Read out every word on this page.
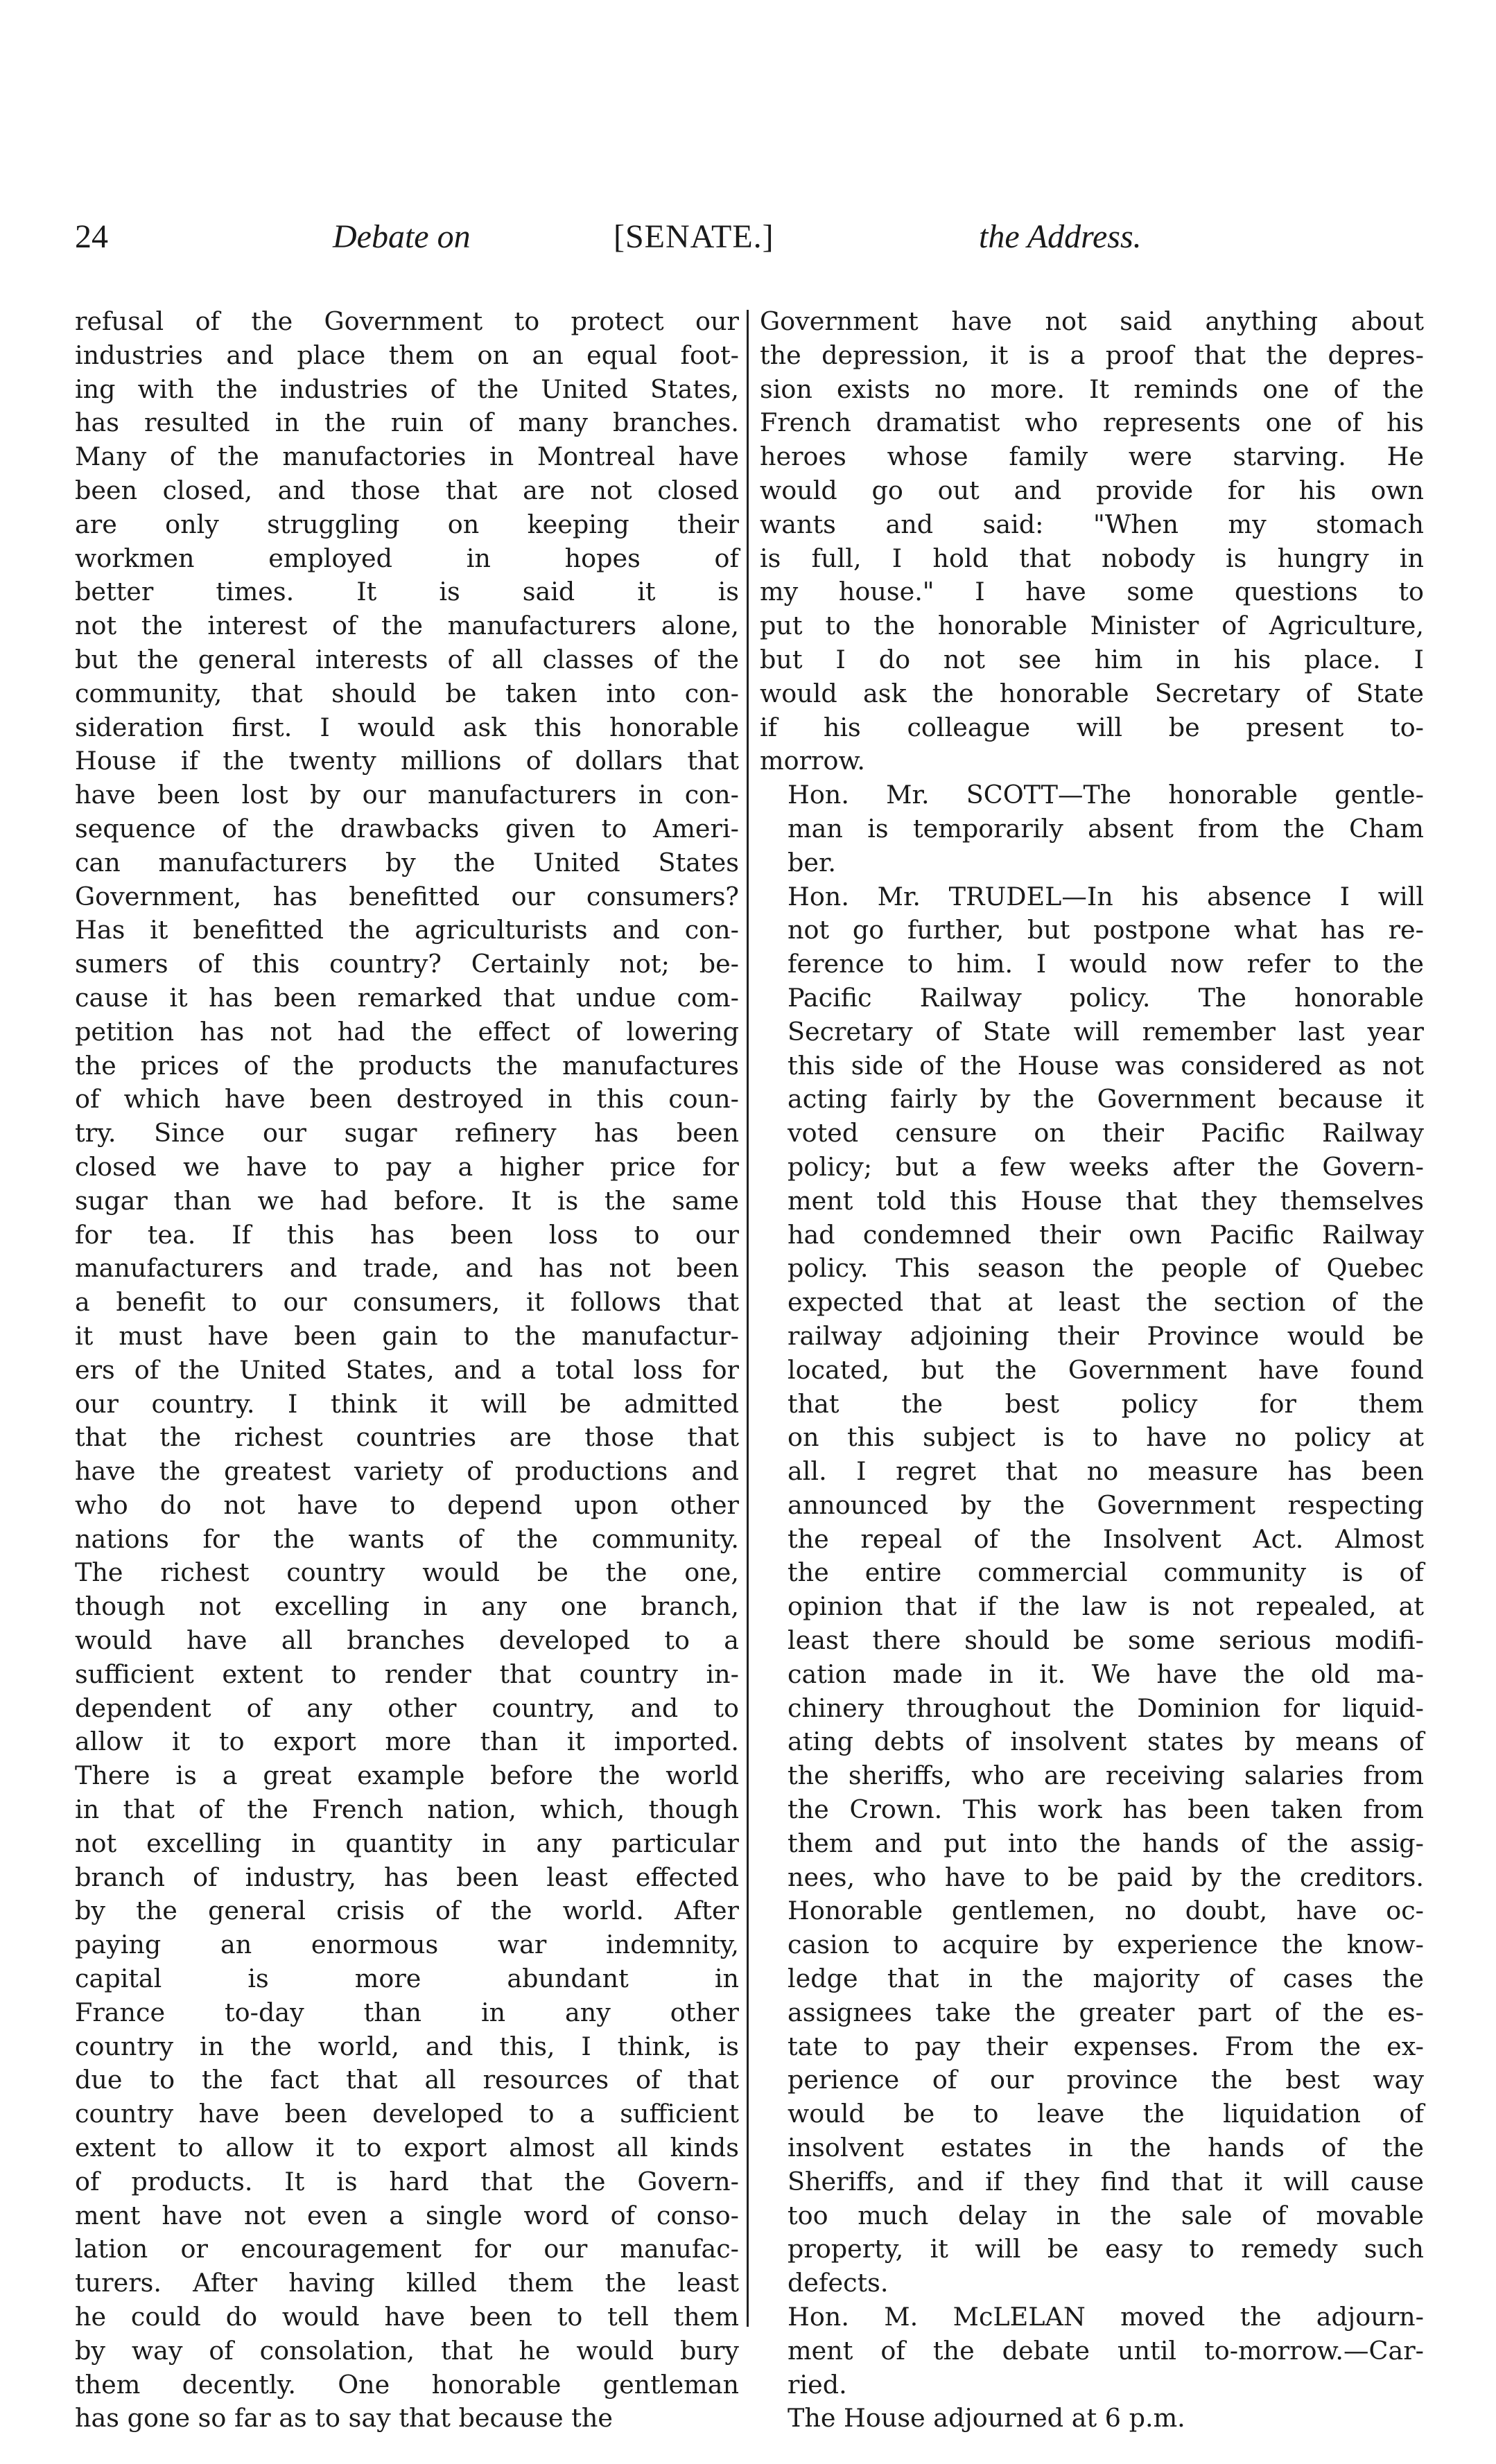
24	Debate on	[SENATE.]	the Address.

refusal of the Government to protect our
industries and place them on an equal foot-
ing with the industries of the United States,
has resulted in the ruin of many branches.
Many of the manufactories in Montreal have
been closed, and those that are not closed
are only struggling on keeping their
workmen employed in hopes of
better times. It is said it is
not the interest of the manufacturers alone,
but the general interests of all classes of the
community, that should be taken into con-
sideration first. I would ask this honorable
House if the twenty millions of dollars that
have been lost by our manufacturers in con-
sequence of the drawbacks given to Ameri-
can manufacturers by the United States
Government, has benefitted our consumers?
Has it benefitted the agriculturists and con-
sumers of this country? Certainly not; be-
cause it has been remarked that undue com-
petition has not had the effect of lowering
the prices of the products the manufactures
of which have been destroyed in this coun-
try. Since our sugar refinery has been
closed we have to pay a higher price for
sugar than we had before. It is the same
for tea. If this has been loss to our
manufacturers and trade, and has not been
a benefit to our consumers, it follows that
it must have been gain to the manufactur-
ers of the United States, and a total loss for
our country. I think it will be admitted
that the richest countries are those that
have the greatest variety of productions and
who do not have to depend upon other
nations for the wants of the community.
The richest country would be the one,
though not excelling in any one branch,
would have all branches developed to a
sufficient extent to render that country in-
dependent of any other country, and to
allow it to export more than it imported.
There is a great example before the world
in that of the French nation, which, though
not excelling in quantity in any particular
branch of industry, has been least effected
by the general crisis of the world. After
paying an enormous war indemnity,
capital is more abundant in
France to-day than in any other
country in the world, and this, I think, is
due to the fact that all resources of that
country have been developed to a sufficient
extent to allow it to export almost all kinds
of products. It is hard that the Govern-
ment have not even a single word of conso-
lation or encouragement for our manufac-
turers. After having killed them the least
he could do would have been to tell them
by way of consolation, that he would bury
them decently. One honorable gentleman
has gone so far as to say that because the

Government have not said anything about
the depression, it is a proof that the depres-
sion exists no more. It reminds one of the
French dramatist who represents one of his
heroes whose family were starving. He
would go out and provide for his own
wants and said: "When my stomach
is full, I hold that nobody is hungry in
my house." I have some questions to
put to the honorable Minister of Agriculture,
but I do not see him in his place. I
would ask the honorable Secretary of State
if his colleague will be present to-
morrow.

Hon. Mr. SCOTT—The honorable gentle-
man is temporarily absent from the Cham
ber.

Hon. Mr. TRUDEL—In his absence I will
not go further, but postpone what has re-
ference to him. I would now refer to the
Pacific Railway policy. The honorable
Secretary of State will remember last year
this side of the House was considered as not
acting fairly by the Government because it
voted censure on their Pacific Railway
policy; but a few weeks after the Govern-
ment told this House that they themselves
had condemned their own Pacific Railway
policy. This season the people of Quebec
expected that at least the section of the
railway adjoining their Province would be
located, but the Government have found
that the best policy for them
on this subject is to have no policy at
all. I regret that no measure has been
announced by the Government respecting
the repeal of the Insolvent Act. Almost
the entire commercial community is of
opinion that if the law is not repealed, at
least there should be some serious modifi-
cation made in it. We have the old ma-
chinery throughout the Dominion for liquid-
ating debts of insolvent states by means of
the sheriffs, who are receiving salaries from
the Crown. This work has been taken from
them and put into the hands of the assig-
nees, who have to be paid by the creditors.
Honorable gentlemen, no doubt, have oc-
casion to acquire by experience the know-
ledge that in the majority of cases the
assignees take the greater part of the es-
tate to pay their expenses. From the ex-
perience of our province the best way
would be to leave the liquidation of
insolvent estates in the hands of the
Sheriffs, and if they find that it will cause
too much delay in the sale of movable
property, it will be easy to remedy such
defects.

Hon. M. McLELAN moved the adjourn-
ment of the debate until to-morrow.—Car-
ried.

The House adjourned at 6 p.m.
